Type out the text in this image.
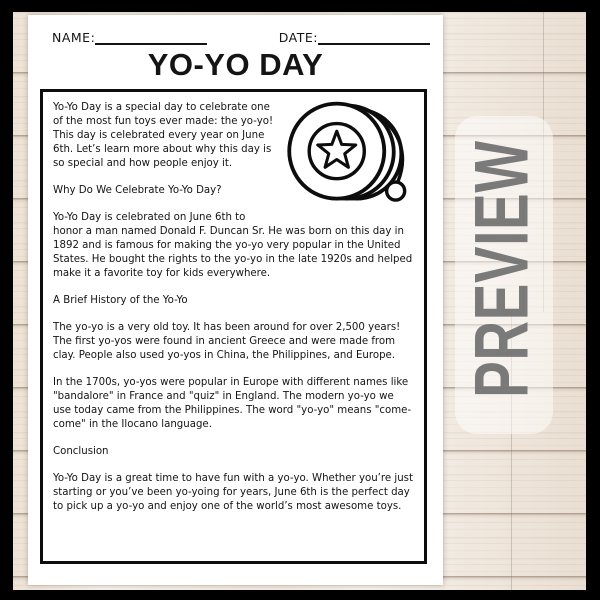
PREVIEW
NAME:	DATE:
YO-YO DAY

Yo-Yo Day is a special day to celebrate one of the most fun toys ever made: the yo-yo! This day is celebrated every year on June 6th. Let’s learn more about why this day is so special and how people enjoy it.

Why Do We Celebrate Yo-Yo Day?

Yo-Yo Day is celebrated on June 6th to honor a man named Donald F. Duncan Sr. He was born on this day in 1892 and is famous for making the yo-yo very popular in the United States. He bought the rights to the yo-yo in the late 1920s and helped make it a favorite toy for kids everywhere.

A Brief History of the Yo-Yo

The yo-yo is a very old toy. It has been around for over 2,500 years! The first yo-yos were found in ancient Greece and were made from clay. People also used yo-yos in China, the Philippines, and Europe.

In the 1700s, yo-yos were popular in Europe with different names like "bandalore" in France and "quiz" in England. The modern yo-yo we use today came from the Philippines. The word "yo-yo" means "come-come" in the Ilocano language.

Conclusion

Yo-Yo Day is a great time to have fun with a yo-yo. Whether you’re just starting or you’ve been yo-yoing for years, June 6th is the perfect day to pick up a yo-yo and enjoy one of the world’s most awesome toys.
